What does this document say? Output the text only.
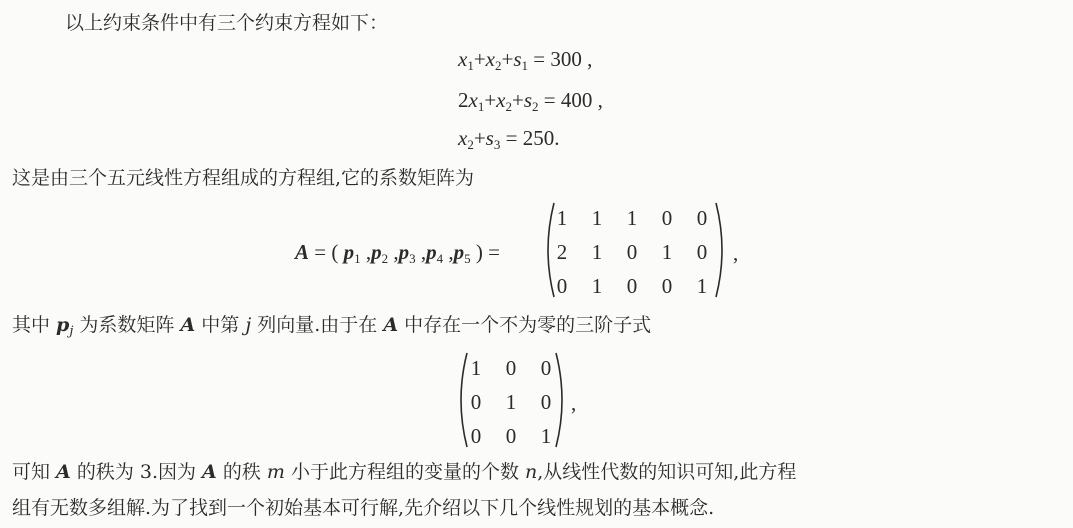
以上约束条件中有三个约束方程如下：
$x_1+x_2+s_1 = 300$ ,
$2x_1+x_2+s_2 = 400$ ,
$x_2+s_3 = 250$.
这是由三个五元线性方程组成的方程组,它的系数矩阵为
A = ( $p_1$ $,p_2$ $,p_3$ $,p_4$ $,p_5$ ) =
1	1	1	0	0
2	1	0	1	0
0	1	0	0	1
,
其中 $p_j$ 为系数矩阵 A 中第 j 列向量.由于在 A 中存在一个不为零的三阶子式
1	0	0
0	1	0
0	0	1
,
可知 A 的秩为 3.因为 A 的秩 m 小于此方程组的变量的个数 n,从线性代数的知识可知,此方程
组有无数多组解.为了找到一个初始基本可行解,先介绍以下几个线性规划的基本概念.
